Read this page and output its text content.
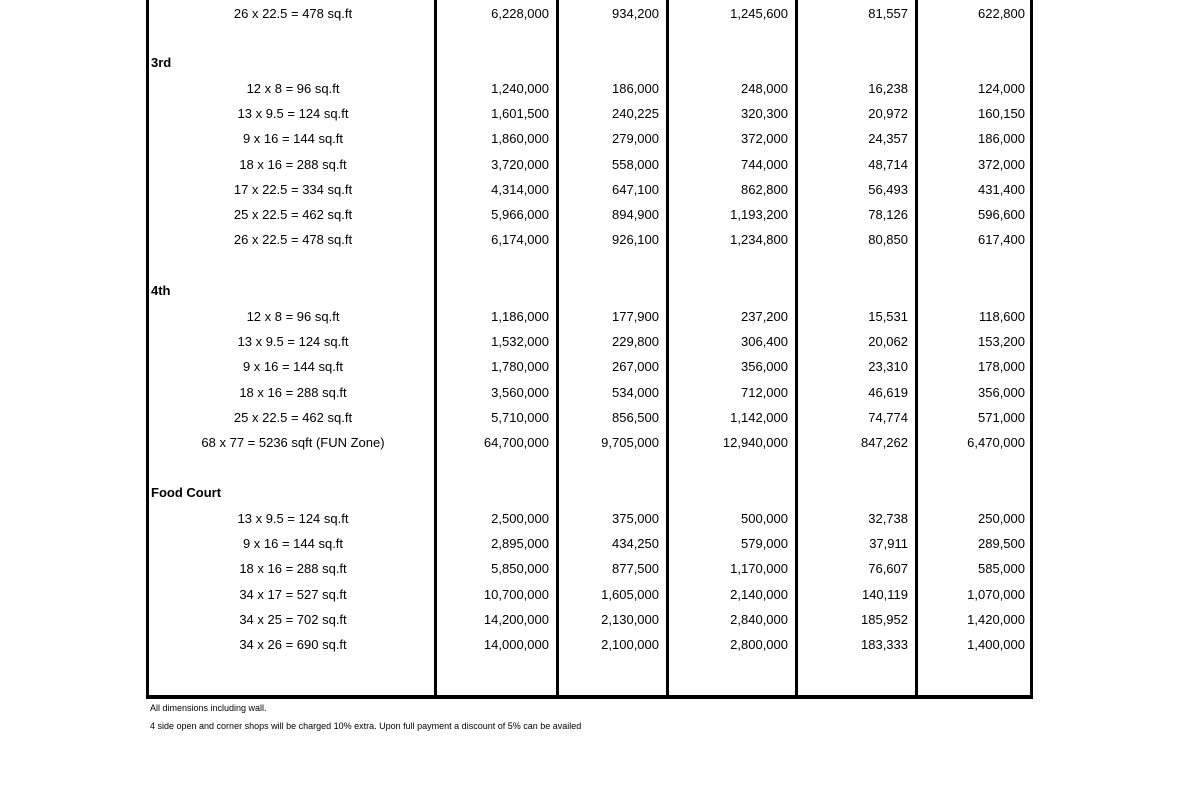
26 x 22.5 = 478 sq.ft	6,228,000	934,200	1,245,600	81,557	622,800
3rd
12 x 8 = 96 sq.ft	1,240,000	186,000	248,000	16,238	124,000
13 x 9.5 = 124 sq.ft	1,601,500	240,225	320,300	20,972	160,150
9 x 16 = 144 sq.ft	1,860,000	279,000	372,000	24,357	186,000
18 x 16 = 288 sq.ft	3,720,000	558,000	744,000	48,714	372,000
17 x 22.5 = 334 sq.ft	4,314,000	647,100	862,800	56,493	431,400
25 x 22.5 = 462 sq.ft	5,966,000	894,900	1,193,200	78,126	596,600
26 x 22.5 = 478 sq.ft	6,174,000	926,100	1,234,800	80,850	617,400
4th
12 x 8 = 96 sq.ft	1,186,000	177,900	237,200	15,531	118,600
13 x 9.5 = 124 sq.ft	1,532,000	229,800	306,400	20,062	153,200
9 x 16 = 144 sq.ft	1,780,000	267,000	356,000	23,310	178,000
18 x 16 = 288 sq.ft	3,560,000	534,000	712,000	46,619	356,000
25 x 22.5 = 462 sq.ft	5,710,000	856,500	1,142,000	74,774	571,000
68 x 77 = 5236 sqft (FUN Zone)	64,700,000	9,705,000	12,940,000	847,262	6,470,000
Food Court
13 x 9.5 = 124 sq.ft	2,500,000	375,000	500,000	32,738	250,000
9 x 16 = 144 sq.ft	2,895,000	434,250	579,000	37,911	289,500
18 x 16 = 288 sq.ft	5,850,000	877,500	1,170,000	76,607	585,000
34 x 17 = 527 sq.ft	10,700,000	1,605,000	2,140,000	140,119	1,070,000
34 x 25 = 702 sq.ft	14,200,000	2,130,000	2,840,000	185,952	1,420,000
34 x 26 = 690 sq.ft	14,000,000	2,100,000	2,800,000	183,333	1,400,000
All dimensions including wall.
4 side open and corner shops will be charged 10% extra. Upon full payment a discount of 5% can be availed
